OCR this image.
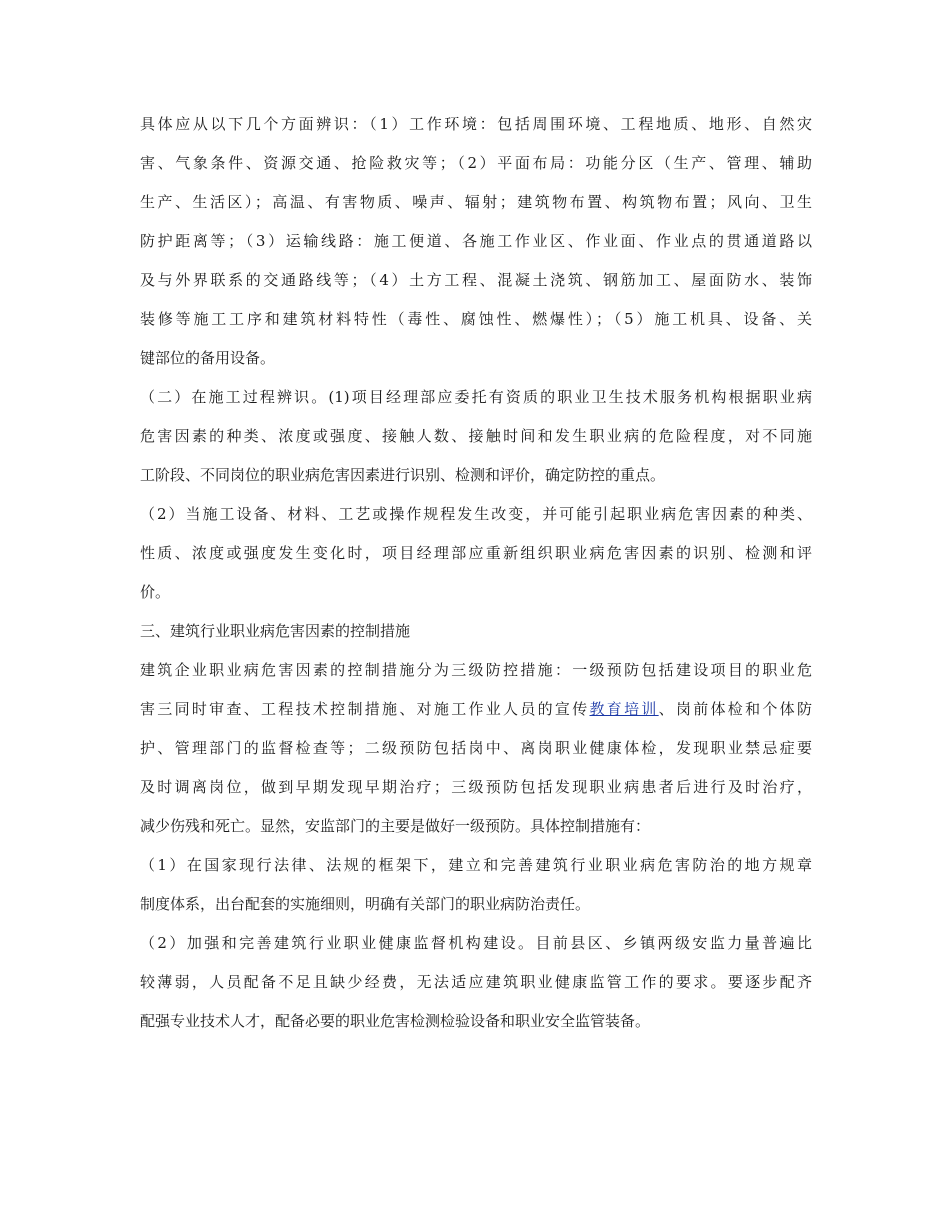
具体应从以下几个方面辨识：（1）工作环境：包括周围环境、工程地质、地形、自然灾
害、气象条件、资源交通、抢险救灾等；（2）平面布局：功能分区（生产、管理、辅助
生产、生活区）；高温、有害物质、噪声、辐射；建筑物布置、构筑物布置；风向、卫生
防护距离等；（3）运输线路：施工便道、各施工作业区、作业面、作业点的贯通道路以
及与外界联系的交通路线等；（4）土方工程、混凝土浇筑、钢筋加工、屋面防水、装饰
装修等施工工序和建筑材料特性（毒性、腐蚀性、燃爆性）；（5）施工机具、设备、关
键部位的备用设备。
（二）在施工过程辨识。(1)项目经理部应委托有资质的职业卫生技术服务机构根据职业病
危害因素的种类、浓度或强度、接触人数、接触时间和发生职业病的危险程度，对不同施
工阶段、不同岗位的职业病危害因素进行识别、检测和评价，确定防控的重点。
（2）当施工设备、材料、工艺或操作规程发生改变，并可能引起职业病危害因素的种类、
性质、浓度或强度发生变化时，项目经理部应重新组织职业病危害因素的识别、检测和评
价。
三、建筑行业职业病危害因素的控制措施
建筑企业职业病危害因素的控制措施分为三级防控措施：一级预防包括建设项目的职业危
害三同时审查、工程技术控制措施、对施工作业人员的宣传教育培训、岗前体检和个体防
护、管理部门的监督检查等；二级预防包括岗中、离岗职业健康体检，发现职业禁忌症要
及时调离岗位，做到早期发现早期治疗；三级预防包括发现职业病患者后进行及时治疗，
减少伤残和死亡。显然，安监部门的主要是做好一级预防。具体控制措施有：
（1）在国家现行法律、法规的框架下，建立和完善建筑行业职业病危害防治的地方规章
制度体系，出台配套的实施细则，明确有关部门的职业病防治责任。
（2）加强和完善建筑行业职业健康监督机构建设。目前县区、乡镇两级安监力量普遍比
较薄弱，人员配备不足且缺少经费，无法适应建筑职业健康监管工作的要求。要逐步配齐
配强专业技术人才，配备必要的职业危害检测检验设备和职业安全监管装备。
